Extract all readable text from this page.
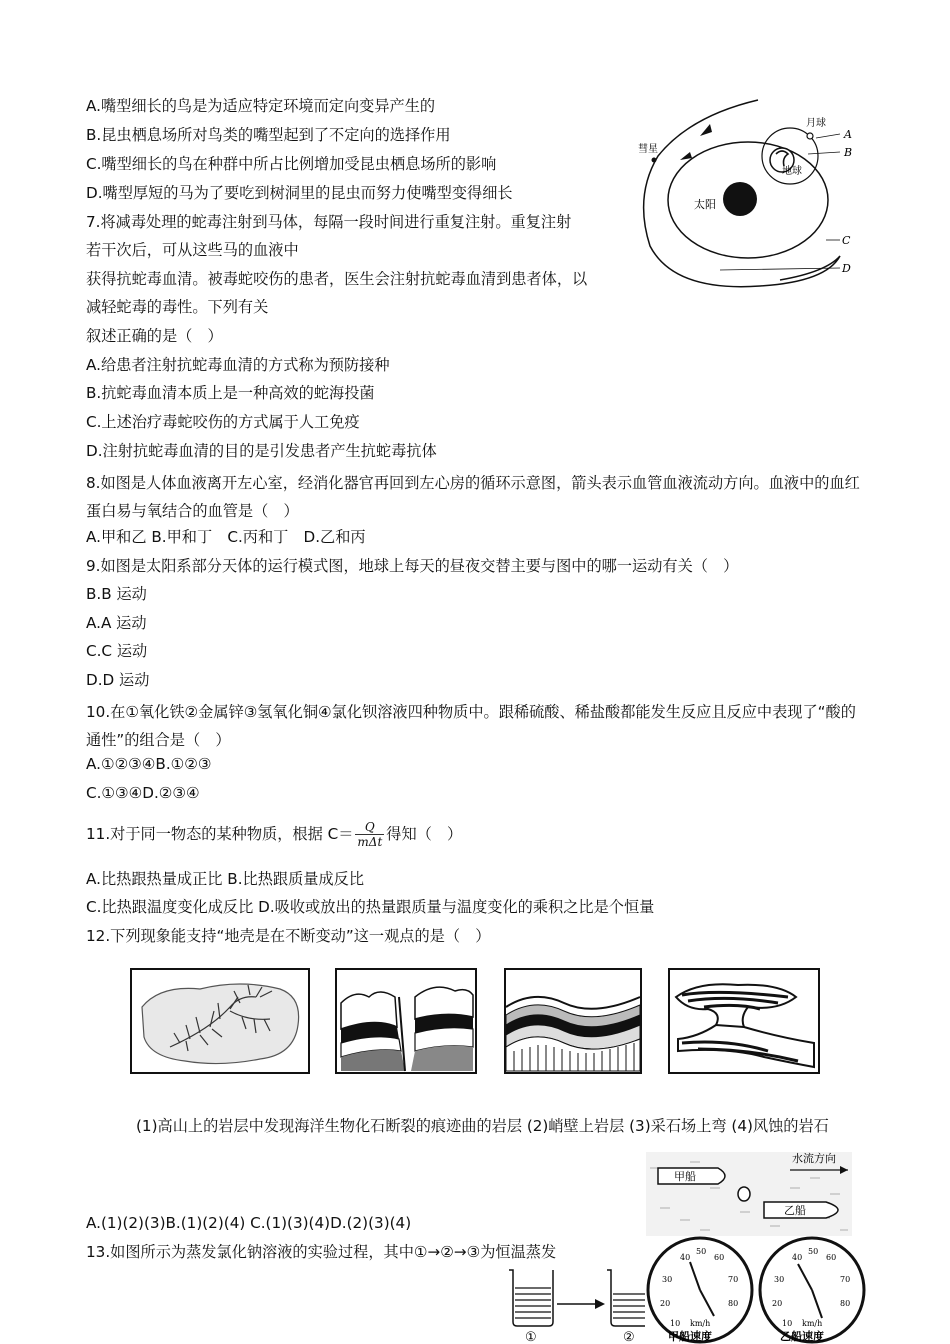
A.嘴型细长的鸟是为适应特定环境而定向变异产生的
B.昆虫栖息场所对鸟类的嘴型起到了不定向的选择作用
C.嘴型细长的鸟在种群中所占比例增加受昆虫栖息场所的影响
D.嘴型厚短的马为了要吃到树洞里的昆虫而努力使嘴型变得细长
7.将减毒处理的蛇毒注射到马体，每隔一段时间进行重复注射。重复注射
若干次后，可从这些马的血液中
获得抗蛇毒血清。被毒蛇咬伤的患者，医生会注射抗蛇毒血清到患者体，以
减轻蛇毒的毒性。下列有关
叙述正确的是（　）
A.给患者注射抗蛇毒血清的方式称为预防接种
B.抗蛇毒血清本质上是一种高效的蛇海投菌
C.上述治疗毒蛇咬伤的方式属于人工免疫
D.注射抗蛇毒血清的目的是引发患者产生抗蛇毒抗体
8.如图是人体血液离开左心室，经消化器官再回到左心房的循环示意图，箭头表示血管血液流动方向。血液中的血红蛋白易与氧结合的血管是（　）
A.甲和乙 B.甲和丁　C.丙和丁　D.乙和丙
9.如图是太阳系部分天体的运行模式图，地球上每天的昼夜交替主要与图中的哪一运动有关（　）
B.B 运动
A.A 运动
C.C 运动
D.D 运动
10.在①氧化铁②金属锌③氢氧化铜④氯化钡溶液四种物质中。跟稀硫酸、稀盐酸都能发生反应且反应中表现了“酸的通性”的组合是（　）
A.①②③④B.①②③
C.①③④D.②③④
11.对于同一物态的某种物质，根据 $C= \frac{Q}{\text{mΔt}}$ 得知（　）
A.比热跟热量成正比 B.比热跟质量成反比
C.比热跟温度变化成反比 D.吸收或放出的热量跟质量与温度变化的乘积之比是个恒量
12.下列现象能支持“地壳是在不断变动”这一观点的是（　）
(1)高山上的岩层中发现海洋生物化石断裂的痕迹曲的岩层 (2)峭壁上岩层 (3)采石场上弯 (4)风蚀的岩石
A.(1)(2)(3)B.(1)(2)(4) C.(1)(3)(4)D.(2)(3)(4)
13.如图所示为蒸发氯化钠溶液的实验过程，其中①→②→③为恒温蒸发
太阳
月球
地球
彗星
A
B
C
D
水流方向
甲船
乙船
10
20
30
40
50
60
70
80
km/h	10
20
30
40
50
60
70
80
km/h
甲船速度	乙船速度
①	②
